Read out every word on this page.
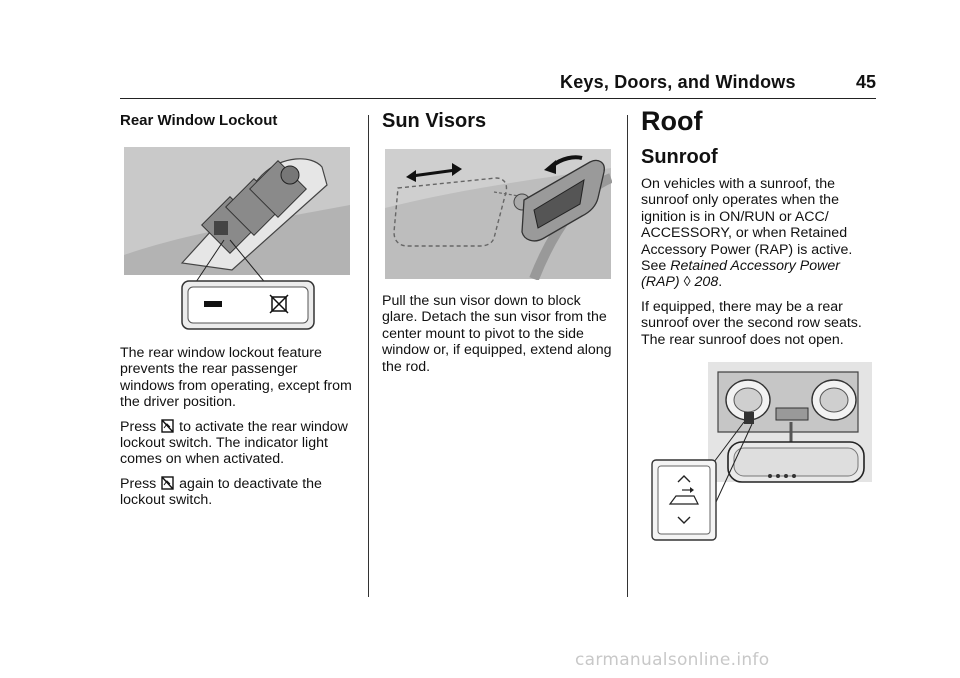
Keys, Doors, and Windows	45
Rear Window Lockout

The rear window lockout feature prevents the rear passenger windows from operating, except from the driver position.

Press to activate the rear window lockout switch. The indicator light comes on when activated.

Press again to deactivate the lockout switch.

Sun Visors

Pull the sun visor down to block glare. Detach the sun visor from the center mount to pivot to the side window or, if equipped, extend along the rod.

Roof
Sunroof

On vehicles with a sunroof, the sunroof only operates when the ignition is in ON/RUN or ACC/ ACCESSORY, or when Retained Accessory Power (RAP) is active. See Retained Accessory Power (RAP) ◊ 208.

If equipped, there may be a rear sunroof over the second row seats. The rear sunroof does not open.

carmanualsonline.info
